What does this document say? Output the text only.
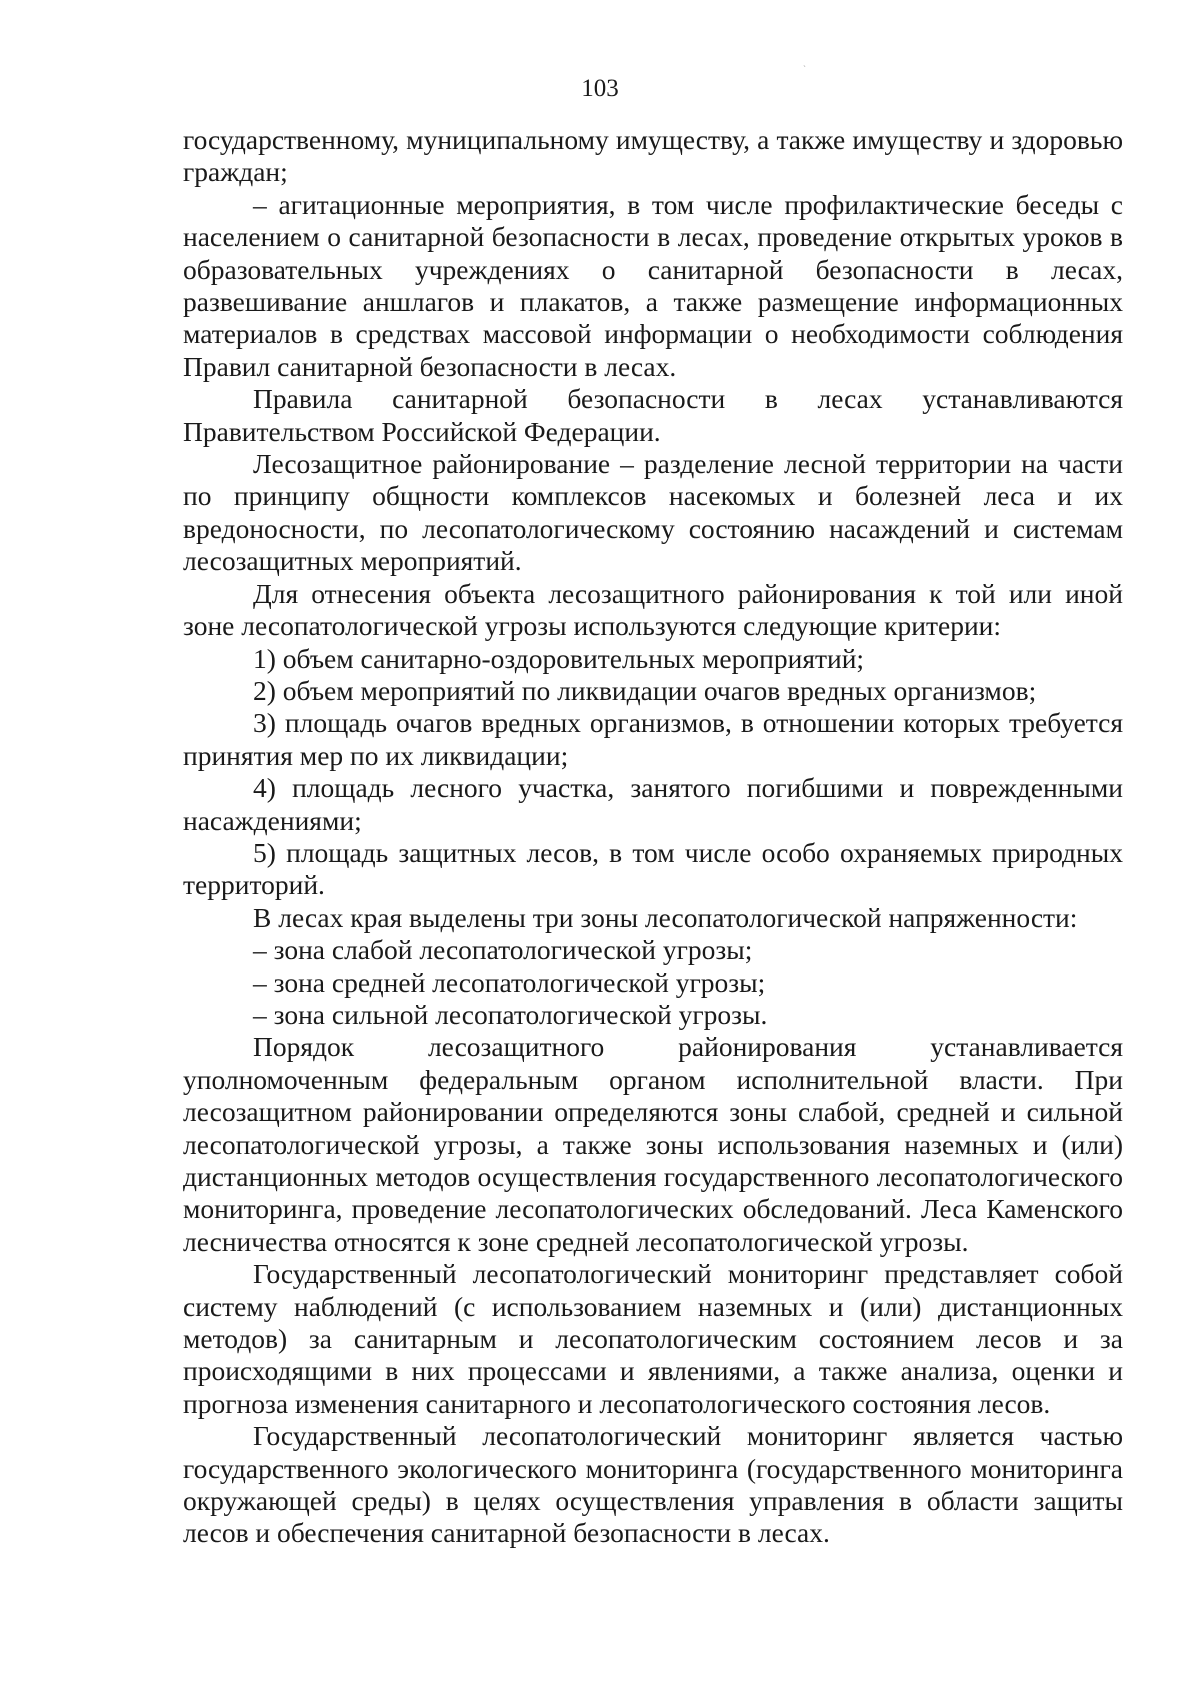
103
`

государственному, муниципальному имуществу, а также имуществу и здоровью граждан;

– агитационные мероприятия, в том числе профилактические беседы с населением о санитарной безопасности в лесах, проведение открытых уроков в образовательных учреждениях о санитарной безопасности в лесах, развешивание аншлагов и плакатов, а также размещение информационных материалов в средствах массовой информации о необходимости соблюдения Правил санитарной безопасности в лесах.

Правила санитарной безопасности в лесах устанавливаются Правительством Российской Федерации.

Лесозащитное районирование – разделение лесной территории на части по принципу общности комплексов насекомых и болезней леса и их вредоносности, по лесопатологическому состоянию насаждений и системам лесозащитных мероприятий.

Для отнесения объекта лесозащитного районирования к той или иной зоне лесопатологической угрозы используются следующие критерии:

1) объем санитарно-оздоровительных мероприятий;

2) объем мероприятий по ликвидации очагов вредных организмов;

3) площадь очагов вредных организмов, в отношении которых требуется принятия мер по их ликвидации;

4) площадь лесного участка, занятого погибшими и поврежденными насаждениями;

5) площадь защитных лесов, в том числе особо охраняемых природных территорий.

В лесах края выделены три зоны лесопатологической напряженности:

– зона слабой лесопатологической угрозы;

– зона средней лесопатологической угрозы;

– зона сильной лесопатологической угрозы.

Порядок лесозащитного районирования устанавливается уполномоченным федеральным органом исполнительной власти. При лесозащитном районировании определяются зоны слабой, средней и сильной лесопатологической угрозы, а также зоны использования наземных и (или) дистанционных методов осуществления государственного лесопатологического мониторинга, проведение лесопатологических обследований. Леса Каменского лесничества относятся к зоне средней лесопатологической угрозы.

Государственный лесопатологический мониторинг представляет собой систему наблюдений (с использованием наземных и (или) дистанционных методов) за санитарным и лесопатологическим состоянием лесов и за происходящими в них процессами и явлениями, а также анализа, оценки и прогноза изменения санитарного и лесопатологического состояния лесов.

Государственный лесопатологический мониторинг является частью государственного экологического мониторинга (государственного мониторинга окружающей среды) в целях осуществления управления в области защиты лесов и обеспечения санитарной безопасности в лесах.
